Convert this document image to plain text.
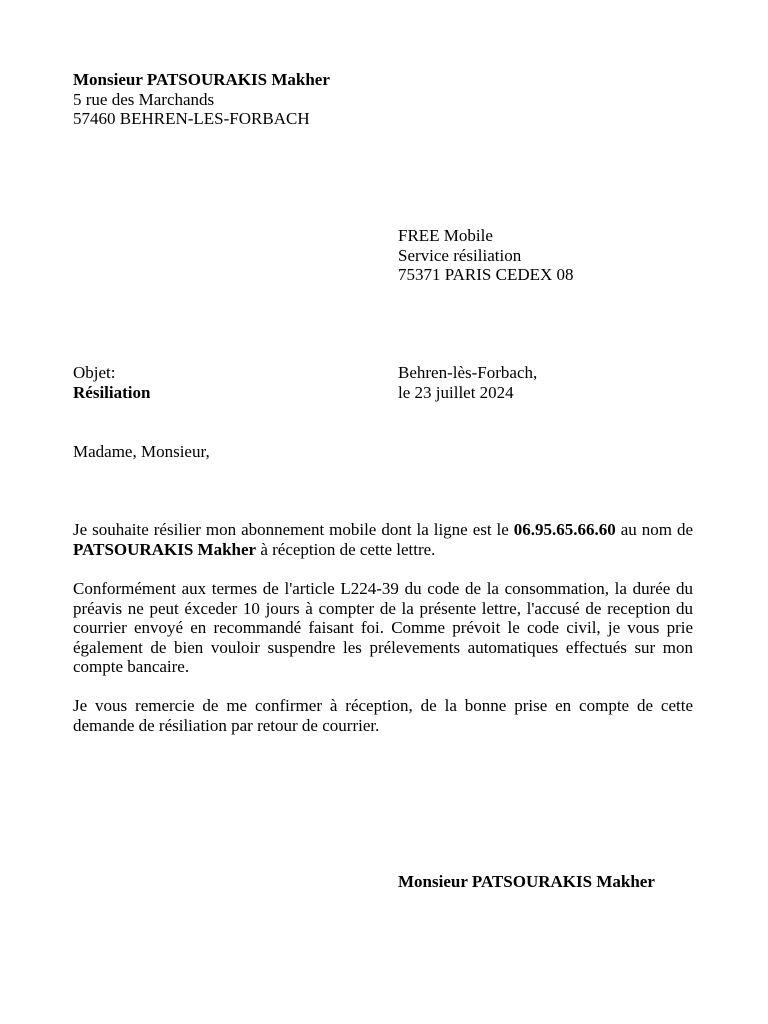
Monsieur PATSOURAKIS Makher
5 rue des Marchands
57460 BEHREN-LES-FORBACH
FREE Mobile
Service résiliation
75371 PARIS CEDEX 08
Objet:
Résiliation
Behren-lès-Forbach,
le 23 juillet 2024
Madame, Monsieur,
Je souhaite résilier mon abonnement mobile dont la ligne est le 06.95.65.66.60 au nom de PATSOURAKIS Makher à réception de cette lettre.
Conformément aux termes de l'article L224-39 du code de la consommation, la durée du préavis ne peut éxceder 10 jours à compter de la présente lettre, l'accusé de reception du courrier envoyé en recommandé faisant foi. Comme prévoit le code civil, je vous prie également de bien vouloir suspendre les prélevements automatiques effectués sur mon compte bancaire.
Je vous remercie de me confirmer à réception, de la bonne prise en compte de cette demande de résiliation par retour de courrier.
Monsieur PATSOURAKIS Makher
